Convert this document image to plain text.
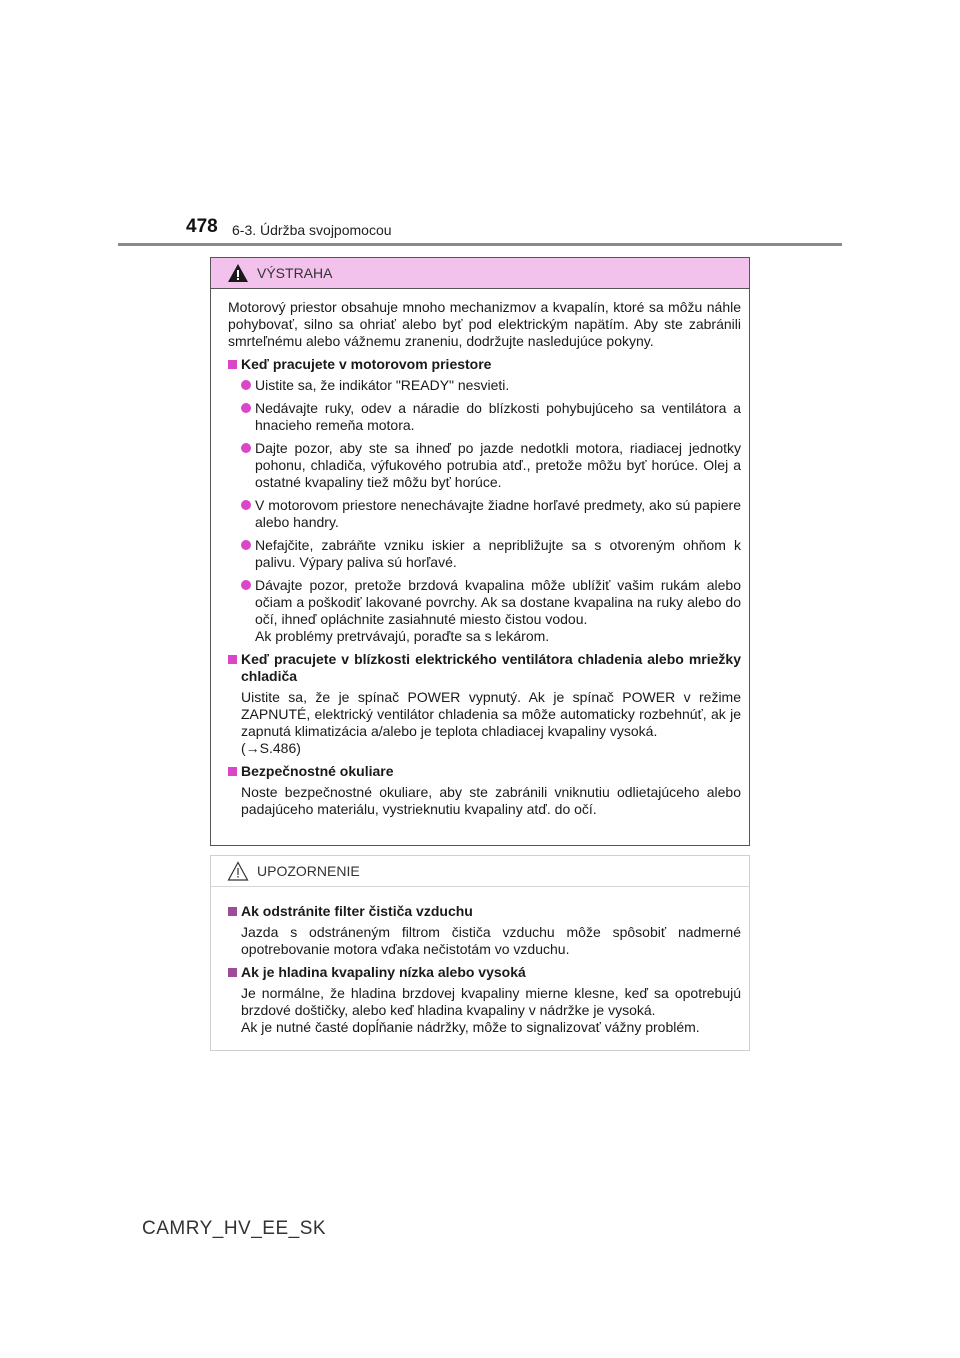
478 6-3. Údržba svojpomocou
VÝSTRAHA

Motorový priestor obsahuje mnoho mechanizmov a kvapalín, ktoré sa môžu náhle pohybovať, silno sa ohriať alebo byť pod elektrickým napätím. Aby ste zabránili smrteľnému alebo vážnemu zraneniu, dodržujte nasledujúce pokyny.

Keď pracujete v motorovom priestore
Uistite sa, že indikátor "READY" nesvieti.
Nedávajte ruky, odev a náradie do blízkosti pohybujúceho sa ventilátora a hnacieho remeňa motora.
Dajte pozor, aby ste sa ihneď po jazde nedotkli motora, riadiacej jednotky pohonu, chladiča, výfukového potrubia atď., pretože môžu byť horúce. Olej a ostatné kvapaliny tiež môžu byť horúce.
V motorovom priestore nenechávajte žiadne horľavé predmety, ako sú papiere alebo handry.
Nefajčite, zabráňte vzniku iskier a nepribližujte sa s otvoreným ohňom k palivu. Výpary paliva sú horľavé.
Dávajte pozor, pretože brzdová kvapalina môže ublížiť vašim rukám alebo očiam a poškodiť lakované povrchy. Ak sa dostane kvapalina na ruky alebo do očí, ihneď opláchnite zasiahnuté miesto čistou vodou.
Ak problémy pretrvávajú, poraďte sa s lekárom.
Keď pracujete v blízkosti elektrického ventilátora chladenia alebo mriežky chladiča

Uistite sa, že je spínač POWER vypnutý. Ak je spínač POWER v režime ZAPNUTÉ, elektrický ventilátor chladenia sa môže automaticky rozbehnúť, ak je zapnutá klimatizácia a/alebo je teplota chladiacej kvapaliny vysoká.
(→S.486)

Bezpečnostné okuliare

Noste bezpečnostné okuliare, aby ste zabránili vniknutiu odlietajúceho alebo padajúceho materiálu, vystrieknutiu kvapaliny atď. do očí.

UPOZORNENIE
Ak odstránite filter čističa vzduchu

Jazda s odstráneným filtrom čističa vzduchu môže spôsobiť nadmerné opotrebovanie motora vďaka nečistotám vo vzduchu.

Ak je hladina kvapaliny nízka alebo vysoká

Je normálne, že hladina brzdovej kvapaliny mierne klesne, keď sa opotrebujú brzdové doštičky, alebo keď hladina kvapaliny v nádržke je vysoká.
Ak je nutné časté dopĺňanie nádržky, môže to signalizovať vážny problém.

CAMRY_HV_EE_SK
